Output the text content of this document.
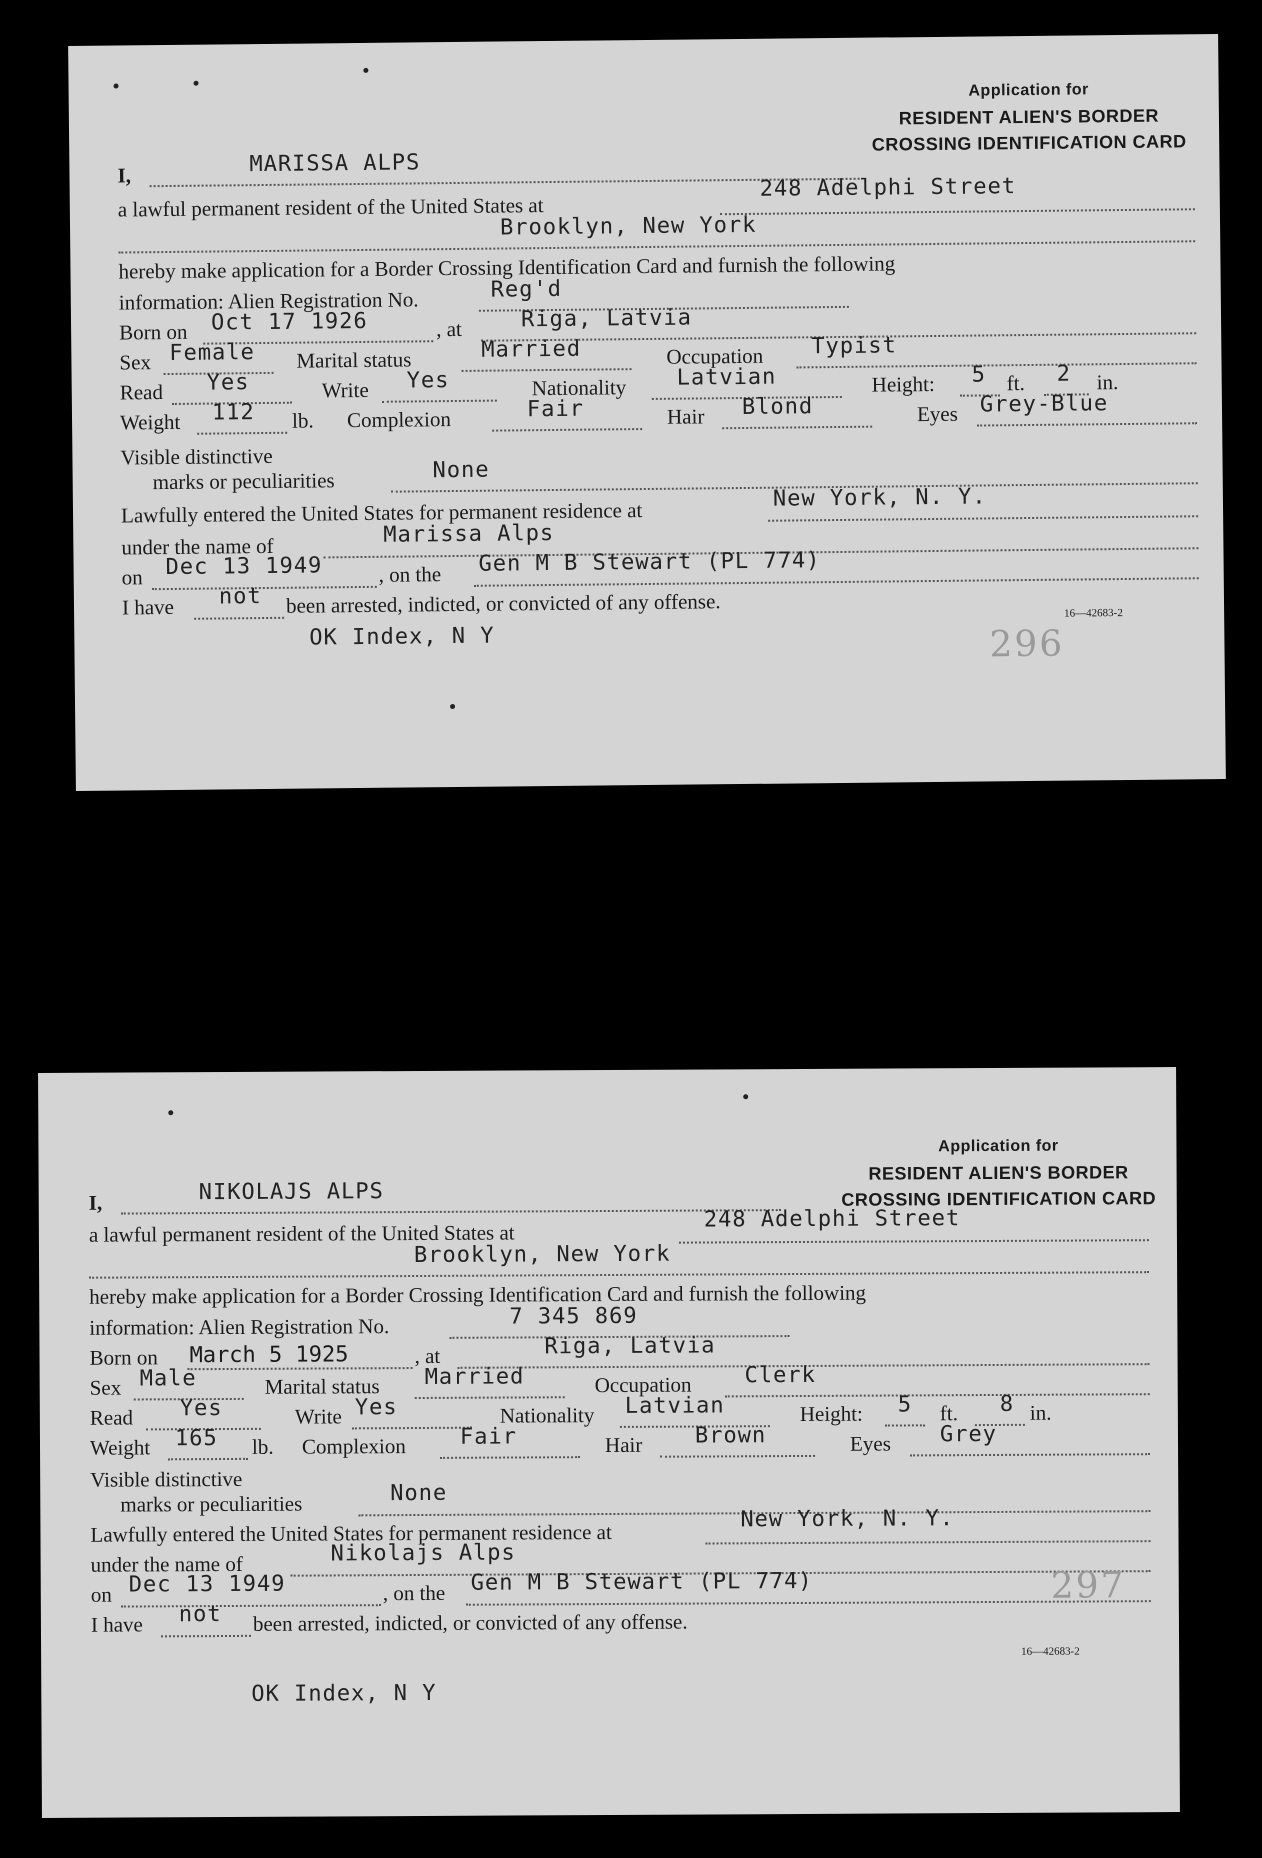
Application for
RESIDENT ALIEN'S BORDER
CROSSING IDENTIFICATION CARD
I,	MARISSA ALPS
a lawful permanent resident of the United States at
248 Adelphi Street
Brooklyn, New York
hereby make application for a Border Crossing Identification Card and furnish the following
information: Alien Registration No.	Reg'd
Born on Oct 17 1926	, at	Riga, Latvia
Sex Female Marital status	Married	Occupation Typist
Read Yes	Write Yes	Nationality Latvian	Height: 5 ft. 2 in.
Weight 112 lb. Complexion	Fair	Hair Blond	Eyes Grey-Blue
Visible distinctive
marks or peculiarities	None
Lawfully entered the United States for permanent residence at	New York, N. Y.
under the name of	Marissa Alps
on Dec 13 1949	, on the Gen M B Stewart (PL 774)
I have not been arrested, indicted, or convicted of any offense.	16—42683-2
OK Index, N Y	296
Application for
RESIDENT ALIEN'S BORDER
CROSSING IDENTIFICATION CARD
I,	NIKOLAJS ALPS
a lawful permanent resident of the United States at
248 Adelphi Street
Brooklyn, New York
hereby make application for a Border Crossing Identification Card and furnish the following
information: Alien Registration No.	7 345 869
Born on March 5 1925	, at	Riga, Latvia
Sex Male	Marital status Married	Occupation Clerk
Read Yes	Write Yes	Nationality Latvian	Height: 5 ft. 8 in.
Weight 165 lb. Complexion Fair	Hair Brown	Eyes Grey
Visible distinctive
marks or peculiarities	None
Lawfully entered the United States for permanent residence at
New York, N. Y.
under the name of	Nikolajs Alps
on Dec 13 1949	, on the Gen M B Stewart (PL 774)
I have not been arrested, indicted, or convicted of any offense.
297
16—42683-2
OK Index, N Y
